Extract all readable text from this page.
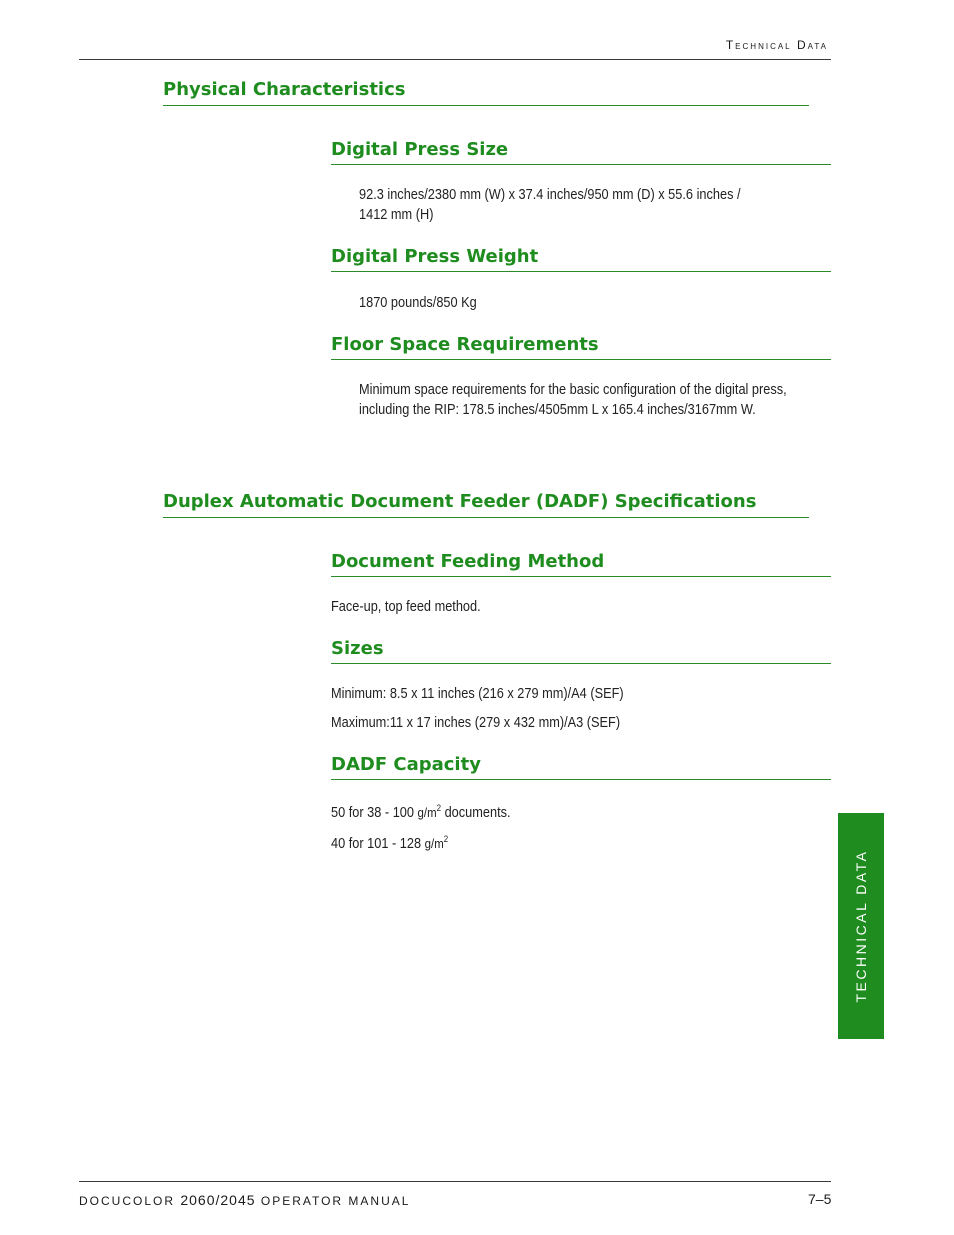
Technical Data
Physical Characteristics
Digital Press Size
92.3 inches/2380 mm (W) x 37.4 inches/950 mm (D) x 55.6 inches /
1412 mm (H)
Digital Press Weight
1870 pounds/850 Kg
Floor Space Requirements
Minimum space requirements for the basic configuration of the digital press,
including the RIP: 178.5 inches/4505mm L x 165.4 inches/3167mm W.
Duplex Automatic Document Feeder (DADF) Specifications
Document Feeding Method
Face-up, top feed method.
Sizes
Minimum: 8.5 x 11 inches (216 x 279 mm)/A4 (SEF)
Maximum:11 x 17 inches (279 x 432 mm)/A3 (SEF)
DADF Capacity
50 for 38 - 100 $g/m^2$ documents.
40 for 101 - 128 $g/m^2$
TECHNICAL DATA
DOCUCOLOR 2060/2045 OPERATOR MANUAL	7–5
